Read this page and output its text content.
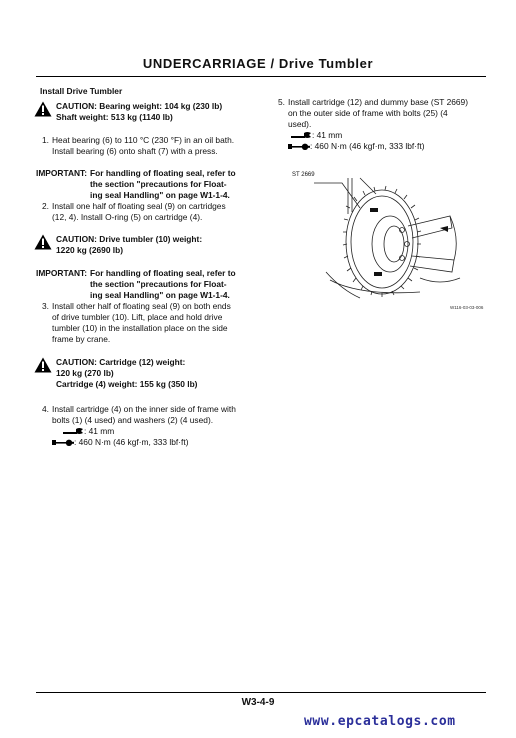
UNDERCARRIAGE / Drive Tumbler
Install Drive Tumbler
CAUTION: Bearing weight: 104 kg (230 lb)
Shaft weight: 513 kg (1140 lb)
1. Heat bearing (6) to 110 °C (230 °F) in an oil bath.
Install bearing (6) onto shaft (7) with a press.
IMPORTANT: For handling of floating seal, refer to
the section "precautions for Float-
ing seal Handling" on page W1-1-4.
2. Install one half of floating seal (9) on cartridges
(12, 4). Install O-ring (5) on cartridge (4).
CAUTION: Drive tumbler (10) weight:
1220 kg (2690 lb)
IMPORTANT: For handling of floating seal, refer to
the section "precautions for Float-
ing seal Handling" on page W1-1-4.
3. Install other half of floating seal (9) on both ends
of drive tumbler (10). Lift, place and hold drive
tumbler (10) in the installation place on the side
frame by crane.
CAUTION: Cartridge (12) weight:
120 kg (270 lb)
Cartridge (4) weight: 155 kg (350 lb)
4. Install cartridge (4) on the inner side of frame with
bolts (1) (4 used) and washers (2) (4 used).
: 41 mm
: 460 N·m (46 kgf·m, 333 lbf·ft)
5. Install cartridge (12) and dummy base (ST 2669)
on the outer side of frame with bolts (25) (4
used).
: 41 mm
: 460 N·m (46 kgf·m, 333 lbf·ft)
ST 2669
W116-03-03-006
W3-4-9
www.epcatalogs.com
